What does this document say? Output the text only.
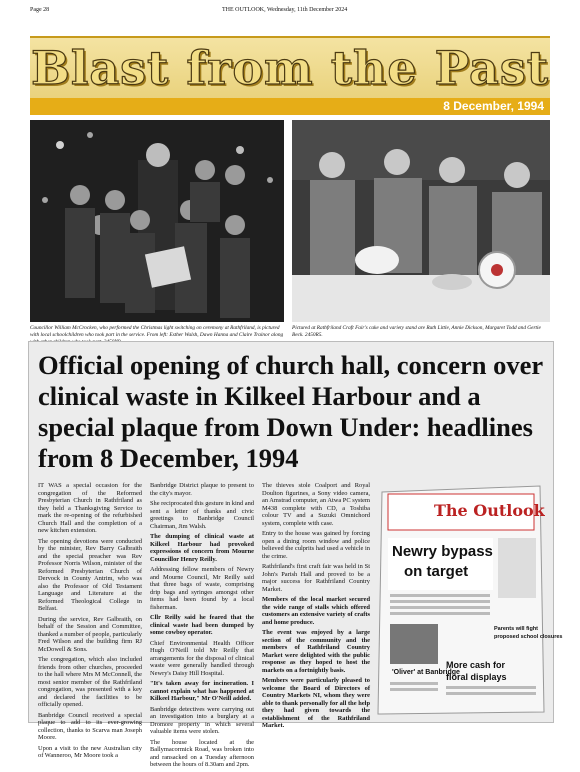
Page 28	THE OUTLOOK, Wednesday, 11th December 2024
Blast from the Past
8 December, 1994
Councillor William McCrocken, who performed the Christmas light switching on ceremony at Rathfriland, is pictured with local schoolchildren who took part in the service. From left: Esther Walsh, Dawn Hanna and Claire Trainor along
Pictured at Rathfriland Craft Fair's cake and variety stand are Ruth Little, Annie Dickson, Margaret Todd and Gertie Beck. 2450R5.
Official opening of church hall, concern over clinical waste in Kilkeel Harbour and a special plaque from Down Under: headlines from 8 December, 1994

IT WAS a special occasion for the congregation of the Reformed Presbyterian Church in Rathfriland as they held a Thanksgiving Service to mark the re-opening of the refurbished Church Hall and the completion of a new kitchen extension.

The opening devotions were conducted by the minister, Rev Barry Galbraith and the special preacher was Rev Professor Norris Wilson, minister of the Reformed Presbyterian Church of Dervock in County Antrim, who was also the Professor of Old Testament Language and Literature at the Reformed Theological College in Belfast.

During the service, Rev Galbraith, on behalf of the Session and Committee, thanked a number of people, particularly Fred Wilson and the building firm RJ McDowell & Sons.

The congregation, which also included friends from other churches, proceeded to the hall where Mrs M McConnell, the most senior member of the Rathfriland congregation, was presented with a key and declared the facilities to be officially opened.

Banbridge Council received a special plaque to add to its ever-growing collection, thanks to Scarva man Joseph Moore.

Upon a visit to the new Australian city of Wanneroo, Mr Moore took a

Banbridge District plaque to present to the city's mayor.

She reciprocated this gesture in kind and sent a letter of thanks and civic greetings to Banbridge Council Chairman, Jim Walsh.

The dumping of clinical waste at Kilkeel Harbour had provoked expressions of concern from Mourne Councillor Henry Reilly.

Addressing fellow members of Newry and Mourne Council, Mr Reilly said that three bags of waste, comprising drip bags and syringes amongst other items had been found by a local fisherman.

Cllr Reilly said he feared that the clinical waste had been dumped by some cowboy operator.

Chief Environmental Health Officer Hugh O'Neill told Mr Reilly that arrangements for the disposal of clinical waste were generally handled through Newry's Daisy Hill Hospital.

"It's taken away for incineration. I cannot explain what has happened at Kilkeel Harbour," Mr O'Neill added.

Banbridge detectives were carrying out an investigation into a burglary at a Dromore property in which several valuable items were stolen.

The house located at the Ballymacormick Road, was broken into and ransacked on a Tuesday afternoon between the hours of 8.30am and 2pm.

The thieves stole Coalport and Royal Doulton figurines, a Sony video camera, an Amstrad computer, an Atwa PC system M438 complete with CD, a Toshiba colour TV and a Suzuki Omnichord system, complete with case.

Entry to the house was gained by forcing open a dining room window and police believed the culprits had used a vehicle in the crime.

Rathfriland's first craft fair was held in St John's Parish Hall and proved to be a major success for Rathfriland Country Market.

Members of the local market secured the wide range of stalls which offered customers an extensive variety of crafts and home produce.

The event was enjoyed by a large section of the community and the members of Rathfriland Country Market were delighted with the public response as they hoped to host the markets on a fortnightly basis.

Members were particularly pleased to welcome the Board of Directors of Country Markets NI, whom they were able to thank personally for all the help they had given towards the establishment of the Rathfriland Market.

The Outlook
Newry bypass
on target
'Oliver' at Banbridge
More cash for
floral displays
Parents will fight
proposed school closures
